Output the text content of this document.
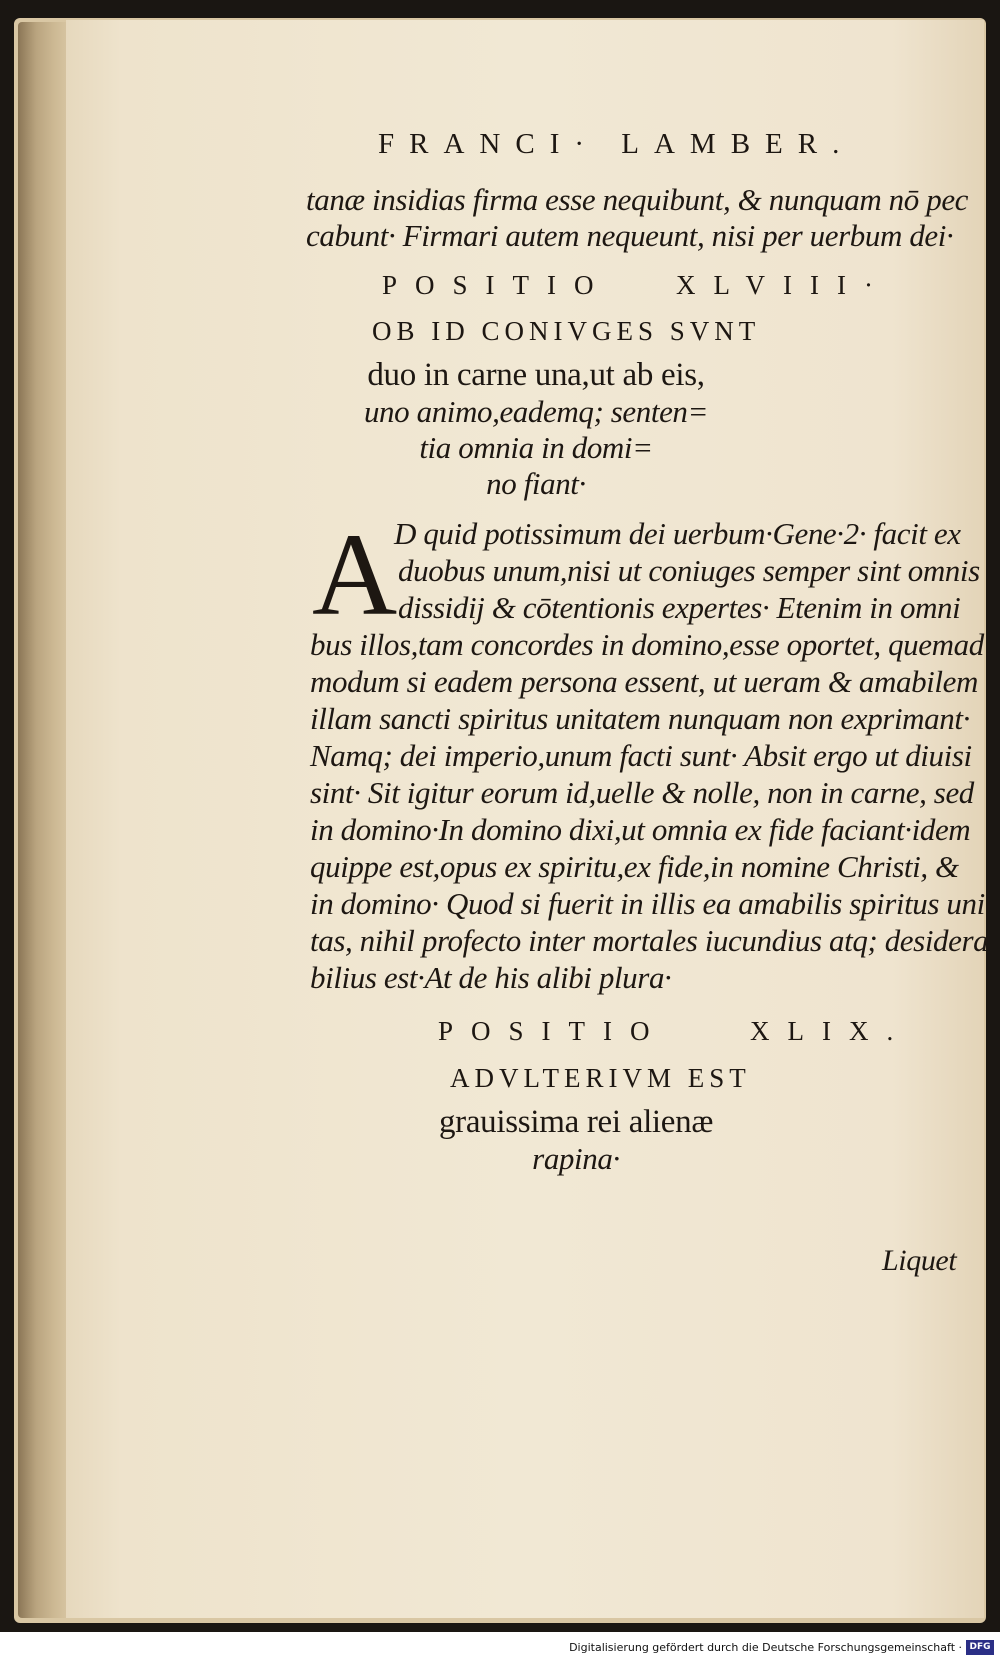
FRANCI· LAMBER.
tanæ insidias firma esse nequibunt, & nunquam nō pec
cabunt· Firmari autem nequeunt, nisi per uerbum dei·
POSITIO XLVIII·
OB ID CONIVGES SVNT
duo in carne una,ut ab eis,
uno animo,eademq; senten=
tia omnia in domi=
no fiant·
A
D quid potissimum dei uerbum·Gene·2· facit ex
duobus unum,nisi ut coniuges semper sint omnis
dissidij & cōtentionis expertes· Etenim in omni
bus illos,tam concordes in domino,esse oportet, quemad
modum si eadem persona essent, ut ueram & amabilem
illam sancti spiritus unitatem nunquam non exprimant·
Namq; dei imperio,unum facti sunt· Absit ergo ut diuisi
sint· Sit igitur eorum id,uelle & nolle, non in carne, sed
in domino·In domino dixi,ut omnia ex fide faciant·idem
quippe est,opus ex spiritu,ex fide,in nomine Christi, &
in domino· Quod si fuerit in illis ea amabilis spiritus uni
tas, nihil profecto inter mortales iucundius atq; desidera
bilius est·At de his alibi plura·
POSITIO	XLIX.
ADVLTERIVM EST
grauissima rei alienæ
rapina·
Liquet
Digitalisierung gefördert durch die Deutsche Forschungsgemeinschaft · DFG
